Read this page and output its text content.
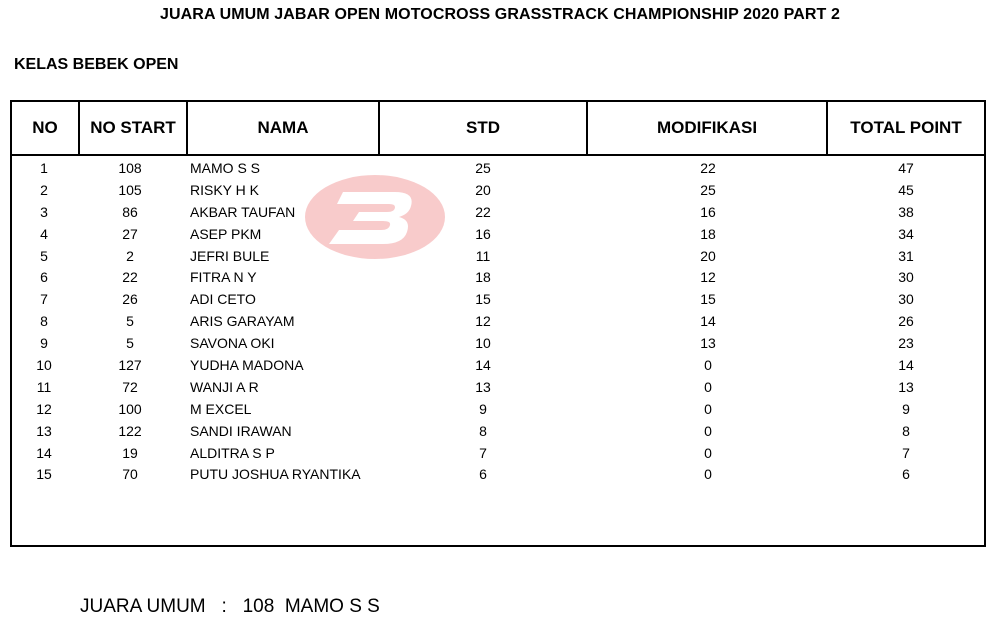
JUARA UMUM JABAR OPEN MOTOCROSS GRASSTRACK CHAMPIONSHIP 2020 PART 2
KELAS BEBEK OPEN
NO	NO START	NAMA	STD	MODIFIKASI	TOTAL POINT
1	108	MAMO S S	25	22	47
2	105	RISKY H K	20	25	45
3	86	AKBAR TAUFAN	22	16	38
4	27	ASEP PKM	16	18	34
5	2	JEFRI BULE	11	20	31
6	22	FITRA N Y	18	12	30
7	26	ADI CETO	15	15	30
8	5	ARIS GARAYAM	12	14	26
9	5	SAVONA OKI	10	13	23
10	127	YUDHA MADONA	14	0	14
11	72	WANJI A R	13	0	13
12	100	M EXCEL	9	0	9
13	122	SANDI IRAWAN	8	0	8
14	19	ALDITRA S P	7	0	7
15	70	PUTU JOSHUA RYANTIKA	6	0	6
JUARA UMUM   :   108  MAMO S S
